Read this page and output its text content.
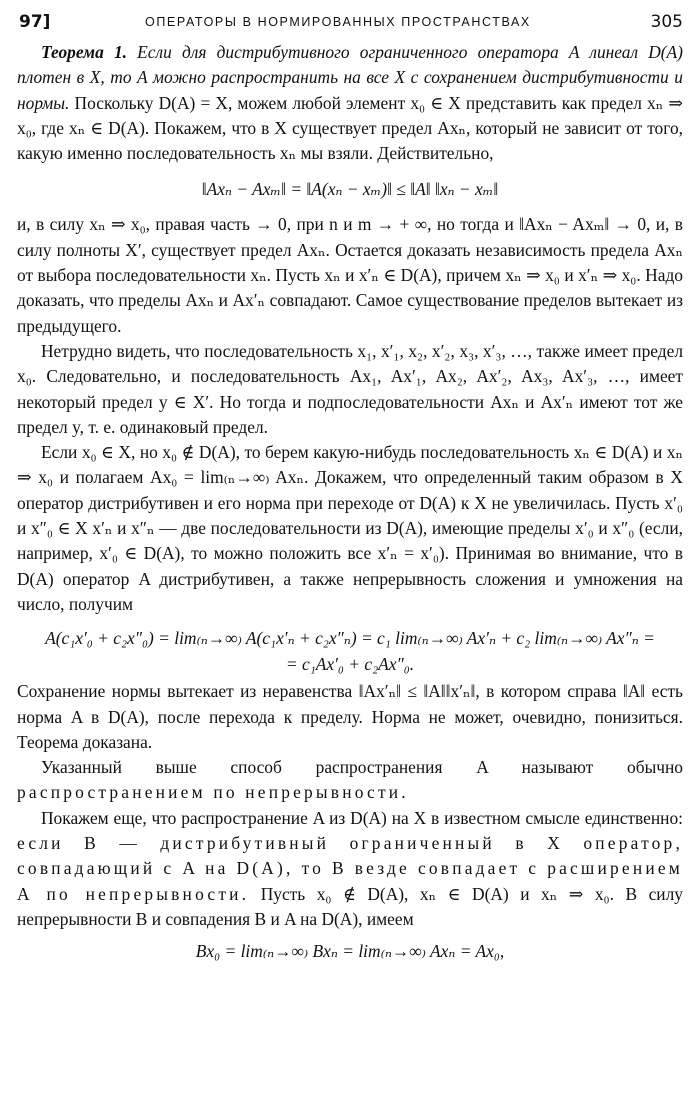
97]	ОПЕРАТОРЫ В НОРМИРОВАННЫХ ПРОСТРАНСТВАХ	305

Теорема 1. Если для дистрибутивного ограниченного оператора A линеал D(A) плотен в X, то A можно распространить на все X с сохранением дистрибутивности и нормы. Поскольку D(A) = X, можем любой элемент x₀ ∈ X представить как предел xₙ ⇒ x₀, где xₙ ∈ D(A). Покажем, что в X существует предел Axₙ, который не зависит от того, какую именно последовательность xₙ мы взяли. Действительно,

‖Axₙ − Axₘ‖ = ‖A(xₙ − xₘ)‖ ≤ ‖A‖ ‖xₙ − xₘ‖

и, в силу xₙ ⇒ x₀, правая часть → 0, при n и m → + ∞, но тогда и ‖Axₙ − Axₘ‖ → 0, и, в силу полноты X′, существует предел Axₙ. Остается доказать независимость предела Axₙ от выбора последовательности xₙ. Пусть xₙ и x′ₙ ∈ D(A), причем xₙ ⇒ x₀ и x′ₙ ⇒ x₀. Надо доказать, что пределы Axₙ и Ax′ₙ совпадают. Самое существование пределов вытекает из предыдущего.

Нетрудно видеть, что последовательность x₁, x′₁, x₂, x′₂, x₃, x′₃, …, также имеет предел x₀. Следовательно, и последовательность Ax₁, Ax′₁, Ax₂, Ax′₂, Ax₃, Ax′₃, …, имеет некоторый предел y ∈ X′. Но тогда и подпоследовательности Axₙ и Ax′ₙ имеют тот же предел y, т. е. одинаковый предел.

Если x₀ ∈ X, но x₀ ∉ D(A), то берем какую-нибудь последовательность xₙ ∈ D(A) и xₙ ⇒ x₀ и полагаем Ax₀ = lim₍ₙ→∞₎ Axₙ. Докажем, что определенный таким образом в X оператор дистрибутивен и его норма при переходе от D(A) к X не увеличилась. Пусть x′₀ и x″₀ ∈ X x′ₙ и x″ₙ — две последовательности из D(A), имеющие пределы x′₀ и x″₀ (если, например, x′₀ ∈ D(A), то можно положить все x′ₙ = x′₀). Принимая во внимание, что в D(A) оператор A дистрибутивен, а также непрерывность сложения и умножения на число, получим

A(c₁x′₀ + c₂x″₀) = lim₍ₙ→∞₎ A(c₁x′ₙ + c₂x″ₙ) = c₁ lim₍ₙ→∞₎ Ax′ₙ + c₂ lim₍ₙ→∞₎ Ax″ₙ =
= c₁Ax′₀ + c₂Ax″₀.

Сохранение нормы вытекает из неравенства ‖Ax′ₙ‖ ≤ ‖A‖‖x′ₙ‖, в котором справа ‖A‖ есть норма A в D(A), после перехода к пределу. Норма не может, очевидно, понизиться. Теорема доказана.

Указанный выше способ распространения A называют обычно распространением по непрерывности.

Покажем еще, что распространение A из D(A) на X в известном смысле единственно: если B — дистрибутивный ограниченный в X оператор, совпадающий с A на D(A), то B везде совпадает с расширением A по непрерывности. Пусть x₀ ∉ D(A), xₙ ∈ D(A) и xₙ ⇒ x₀. В силу непрерывности B и совпадения B и A на D(A), имеем

Bx₀ = lim₍ₙ→∞₎ Bxₙ = lim₍ₙ→∞₎ Axₙ = Ax₀,
